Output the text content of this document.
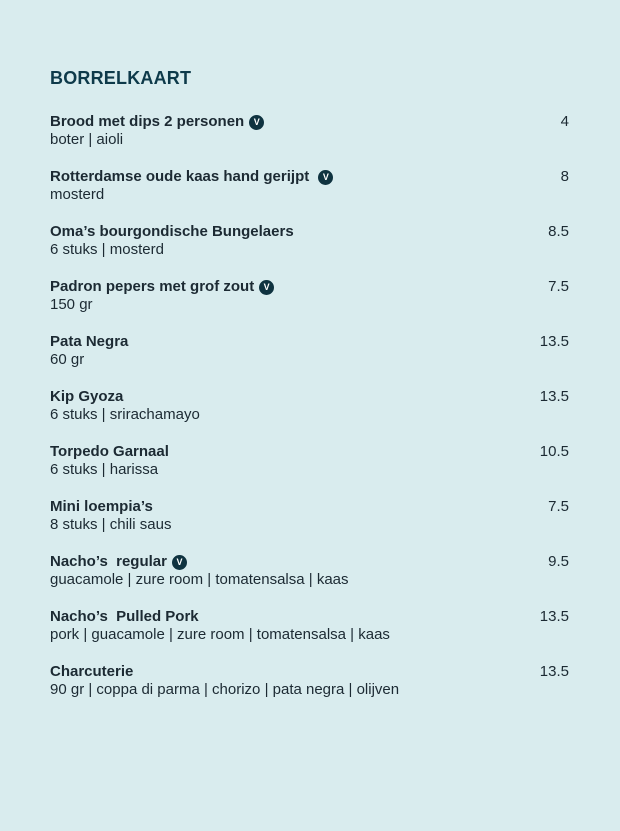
BORRELKAART
Brood met dips 2 personen V
boter | aioli
4
Rotterdamse oude kaas hand gerijpt V
mosterd
8
Oma’s bourgondische Bungelaers
6 stuks | mosterd
8.5
Padron pepers met grof zout V
150 gr
7.5
Pata Negra
60 gr
13.5
Kip Gyoza
6 stuks | srirachamayo
13.5
Torpedo Garnaal
6 stuks | harissa
10.5
Mini loempia’s
8 stuks | chili saus
7.5
Nacho’s  regular V
guacamole | zure room | tomatensalsa | kaas
9.5
Nacho’s  Pulled Pork
pork | guacamole | zure room | tomatensalsa | kaas
13.5
Charcuterie
90 gr | coppa di parma | chorizo | pata negra | olijven
13.5
